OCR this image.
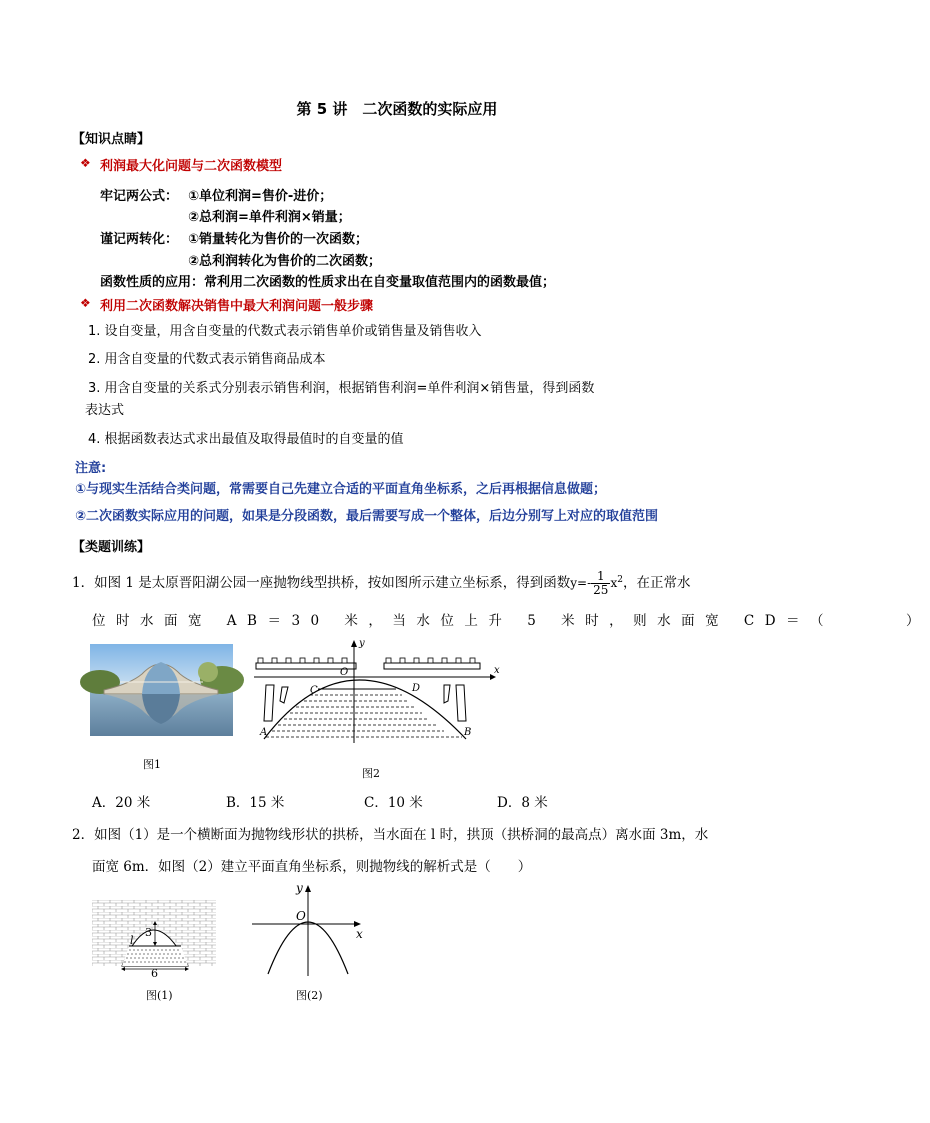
第 5 讲　二次函数的实际应用
【知识点睛】
❖ 利润最大化问题与二次函数模型
牢记两公式： ①单位利润=售价-进价；
②总利润=单件利润×销量；
谨记两转化： ①销量转化为售价的一次函数；
②总利润转化为售价的二次函数；
函数性质的应用：常利用二次函数的性质求出在自变量取值范围内的函数最值；
❖ 利用二次函数解决销售中最大利润问题一般步骤
1. 设自变量，用含自变量的代数式表示销售单价或销售量及销售收入
2. 用含自变量的代数式表示销售商品成本
3. 用含自变量的关系式分别表示销售利润，根据销售利润=单件利润×销售量，得到函数
表达式
4. 根据函数表达式求出最值及取得最值时的自变量的值
注意:
①与现实生活结合类问题，常需要自己先建立合适的平面直角坐标系，之后再根据信息做题；
②二次函数实际应用的问题，如果是分段函数，最后需要写成一个整体，后边分别写上对应的取值范围
【类题训练】
1．如图 1 是太原晋阳湖公园一座抛物线型拱桥，按如图所示建立坐标系，得到函数$y=- \frac{1}{25} x^2$，在正常水
位时水面宽 AB＝30 米，当水位上升 5 米时，则水面宽 CD＝（　　　）
图1
y
x
O
C	D
A	B
图2
A．20 米	B．15 米	C．10 米	D．8 米
2．如图（1）是一个横断面为抛物线形状的拱桥，当水面在 l 时，拱顶（拱桥洞的最高点）离水面 3m，水
面宽 6m．如图（2）建立平面直角坐标系，则抛物线的解析式是（　　）
l
3
6
图(1)
y
x
O
图(2)
